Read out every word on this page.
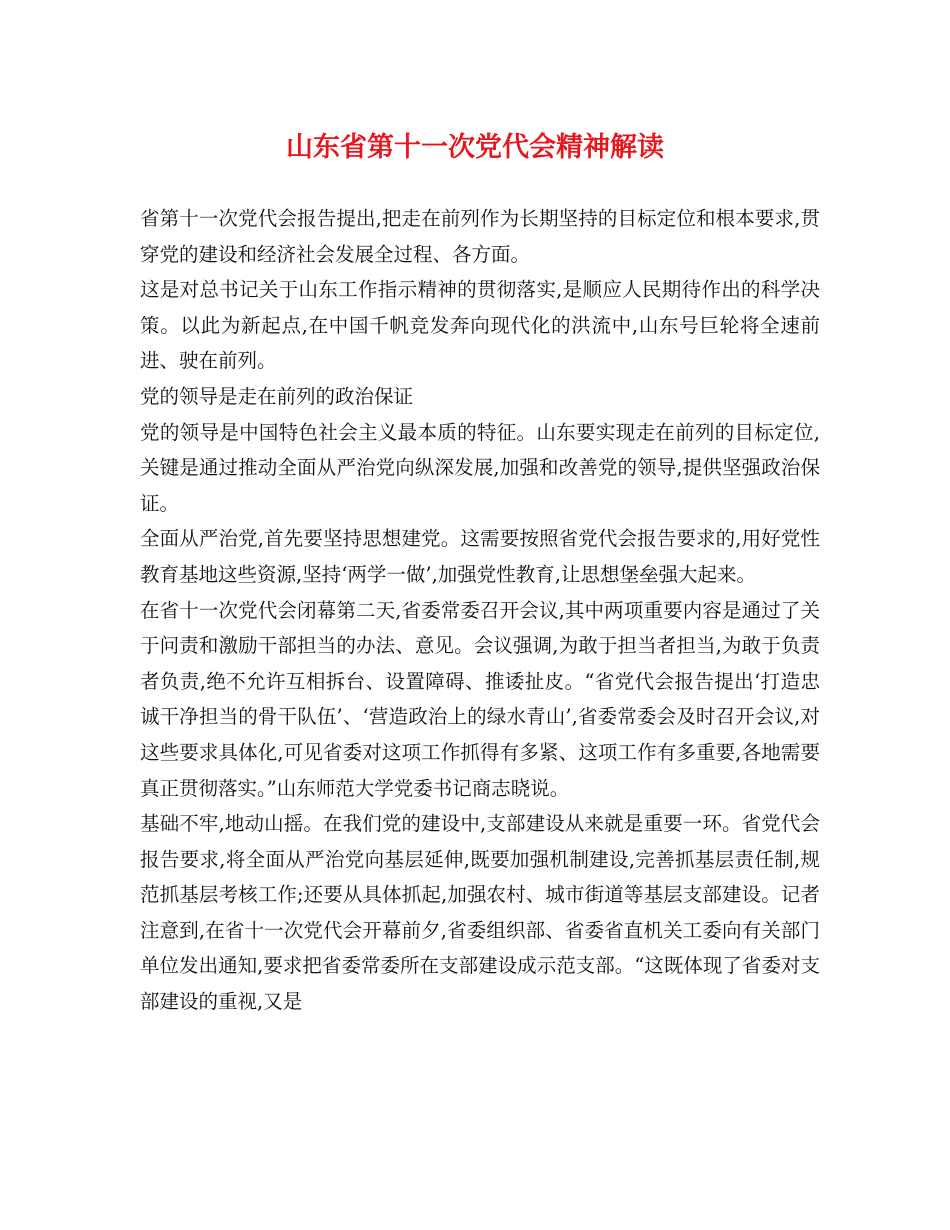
山东省第十一次党代会精神解读

省第十一次党代会报告提出,把走在前列作为长期坚持的目标定位和根本要求,贯穿党的建设和经济社会发展全过程、各方面。

这是对总书记关于山东工作指示精神的贯彻落实,是顺应人民期待作出的科学决策。以此为新起点,在中国千帆竞发奔向现代化的洪流中,山东号巨轮将全速前进、驶在前列。

党的领导是走在前列的政治保证

党的领导是中国特色社会主义最本质的特征。山东要实现走在前列的目标定位,关键是通过推动全面从严治党向纵深发展,加强和改善党的领导,提供坚强政治保证。

全面从严治党,首先要坚持思想建党。这需要按照省党代会报告要求的,用好党性教育基地这些资源,坚持‘两学一做’,加强党性教育,让思想堡垒强大起来。

在省十一次党代会闭幕第二天,省委常委召开会议,其中两项重要内容是通过了关于问责和激励干部担当的办法、意见。会议强调,为敢于担当者担当,为敢于负责者负责,绝不允许互相拆台、设置障碍、推诿扯皮。“省党代会报告提出‘打造忠诚干净担当的骨干队伍’、‘营造政治上的绿水青山’,省委常委会及时召开会议,对这些要求具体化,可见省委对这项工作抓得有多紧、这项工作有多重要,各地需要真正贯彻落实。”山东师范大学党委书记商志晓说。

基础不牢,地动山摇。在我们党的建设中,支部建设从来就是重要一环。省党代会报告要求,将全面从严治党向基层延伸,既要加强机制建设,完善抓基层责任制,规范抓基层考核工作;还要从具体抓起,加强农村、城市街道等基层支部建设。记者注意到,在省十一次党代会开幕前夕,省委组织部、省委省直机关工委向有关部门单位发出通知,要求把省委常委所在支部建设成示范支部。“这既体现了省委对支部建设的重视,又是
